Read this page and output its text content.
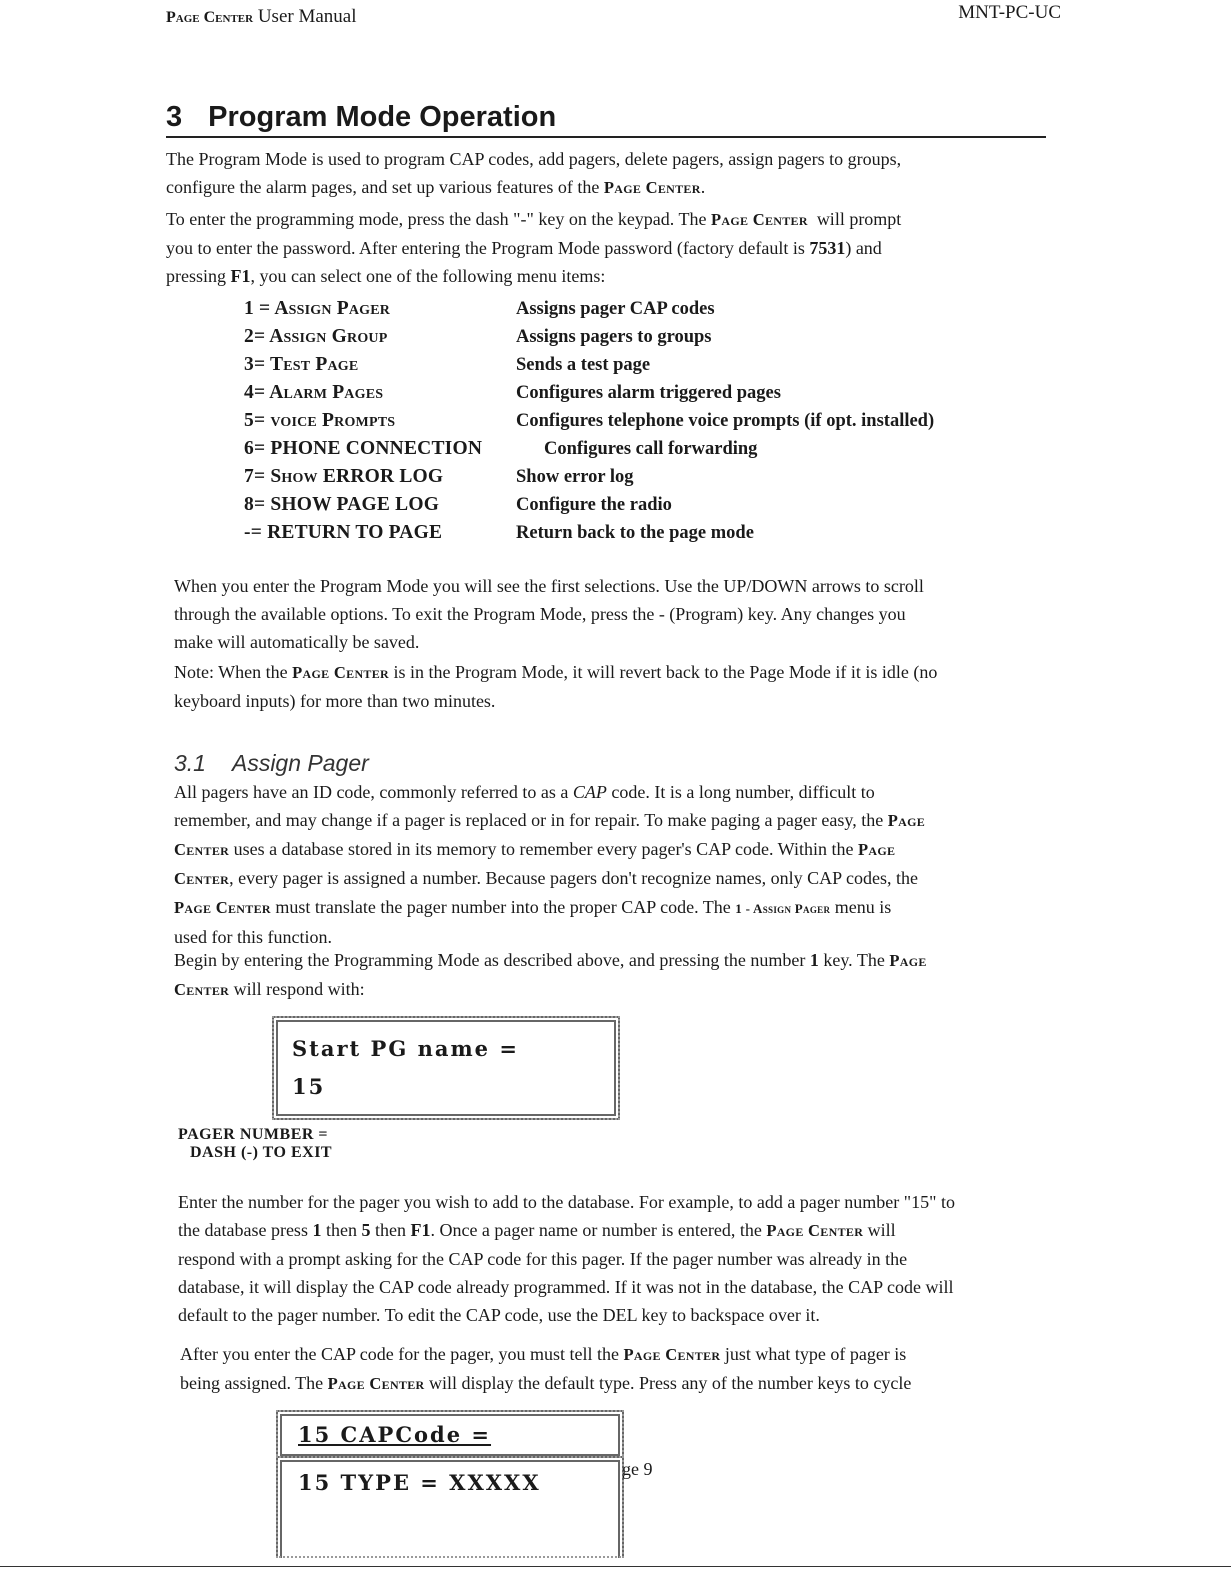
Page Center User Manual	MNT-PC-UC
3 Program Mode Operation
The Program Mode is used to program CAP codes, add pagers, delete pagers, assign pagers to groups,
configure the alarm pages, and set up various features of the Page Center.
To enter the programming mode, press the dash "-" key on the keypad. The Page Center will prompt
you to enter the password. After entering the Program Mode password (factory default is 7531) and
pressing F1, you can select one of the following menu items:
1 = Assign Pager	Assigns pager CAP codes
2= Assign Group	Assigns pagers to groups
3= Test Page	Sends a test page
4= Alarm Pages	Configures alarm triggered pages
5= voice Prompts	Configures telephone voice prompts (if opt. installed)
6= PHONE CONNECTION	Configures call forwarding
7= Show ERROR LOG	Show error log
8= SHOW PAGE LOG	Configure the radio
-= RETURN TO PAGE	Return back to the page mode
When you enter the Program Mode you will see the first selections. Use the UP/DOWN arrows to scroll
through the available options. To exit the Program Mode, press the - (Program) key. Any changes you
make will automatically be saved.
Note: When the Page Center is in the Program Mode, it will revert back to the Page Mode if it is idle (no
keyboard inputs) for more than two minutes.
3.1 Assign Pager
All pagers have an ID code, commonly referred to as a CAP code. It is a long number, difficult to
remember, and may change if a pager is replaced or in for repair. To make paging a pager easy, the Page
Center uses a database stored in its memory to remember every pager's CAP code. Within the Page
Center, every pager is assigned a number. Because pagers don't recognize names, only CAP codes, the
Page Center must translate the pager number into the proper CAP code. The 1 - Assign Pager menu is
used for this function.
Begin by entering the Programming Mode as described above, and pressing the number 1 key. The Page
Center will respond with:
Start PG name =
15
PAGER NUMBER =
DASH (-) TO EXIT
Enter the number for the pager you wish to add to the database. For example, to add a pager number "15" to
the database press 1 then 5 then F1. Once a pager name or number is entered, the Page Center will
respond with a prompt asking for the CAP code for this pager. If the pager number was already in the
database, it will display the CAP code already programmed. If it was not in the database, the CAP code will
default to the pager number. To edit the CAP code, use the DEL key to backspace over it.
After you enter the CAP code for the pager, you must tell the Page Center just what type of pager is
being assigned. The Page Center will display the default type. Press any of the number keys to cycle
15 CAPCode =
15 TYPE = XXXXX
ge 9
